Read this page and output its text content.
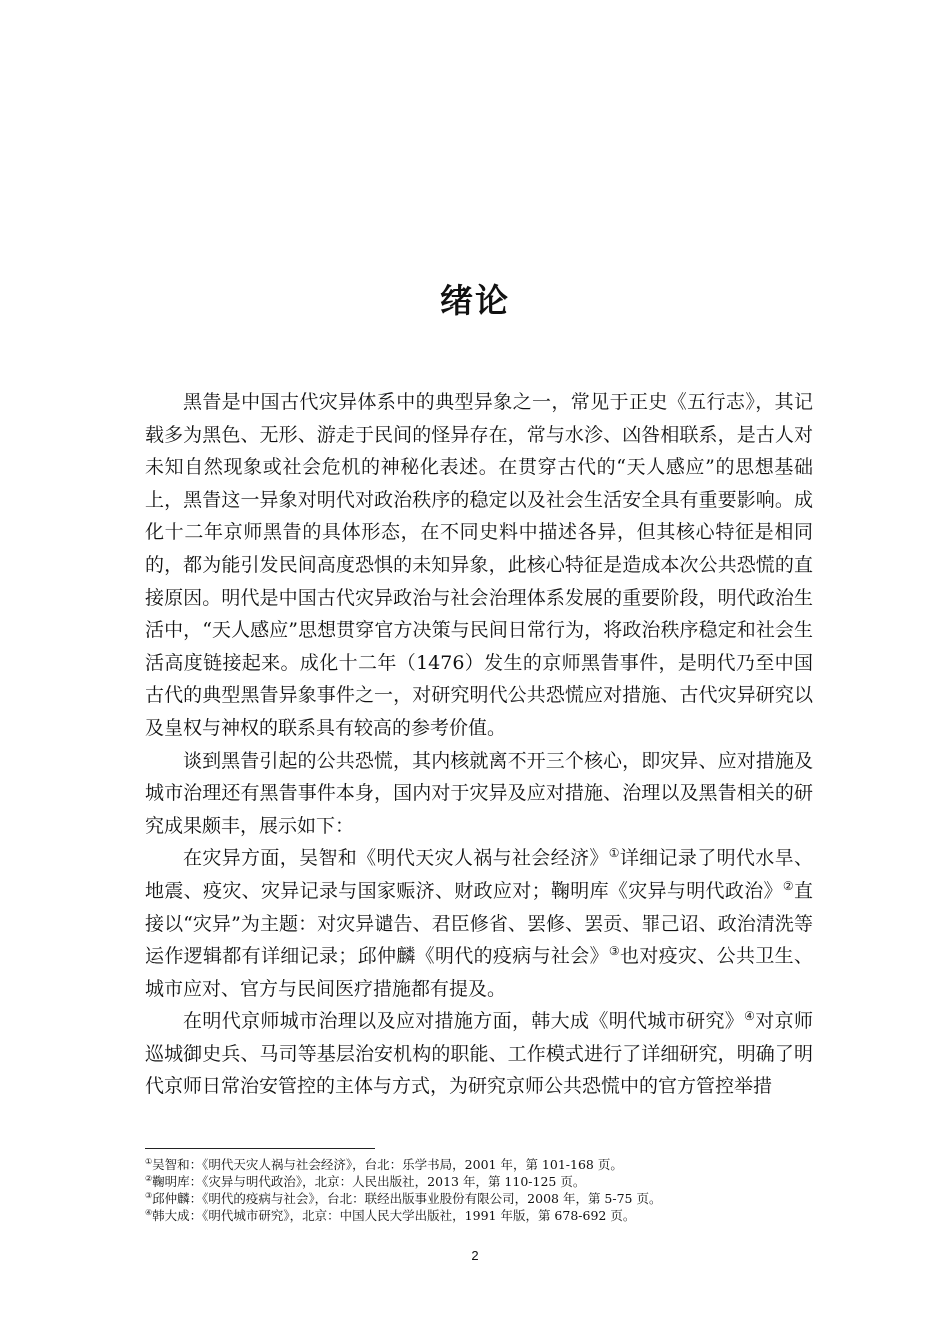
绪论

黑眚是中国古代灾异体系中的典型异象之一，常见于正史《五行志》，其记载多为黑色、无形、游走于民间的怪异存在，常与水沴、凶咎相联系，是古人对未知自然现象或社会危机的神秘化表述。在贯穿古代的“天人感应”的思想基础上，黑眚这一异象对明代对政治秩序的稳定以及社会生活安全具有重要影响。成化十二年京师黑眚的具体形态，在不同史料中描述各异，但其核心特征是相同的，都为能引发民间高度恐惧的未知异象，此核心特征是造成本次公共恐慌的直接原因。明代是中国古代灾异政治与社会治理体系发展的重要阶段，明代政治生活中，“天人感应”思想贯穿官方决策与民间日常行为，将政治秩序稳定和社会生活高度链接起来。成化十二年（1476）发生的京师黑眚事件，是明代乃至中国古代的典型黑眚异象事件之一，对研究明代公共恐慌应对措施、古代灾异研究以及皇权与神权的联系具有较高的参考价值。

谈到黑眚引起的公共恐慌，其内核就离不开三个核心，即灾异、应对措施及城市治理还有黑眚事件本身，国内对于灾异及应对措施、治理以及黑眚相关的研究成果颇丰，展示如下：

在灾异方面，吴智和《明代天灾人祸与社会经济》①详细记录了明代水旱、地震、疫灾、灾异记录与国家赈济、财政应对；鞠明库《灾异与明代政治》②直接以“灾异”为主题：对灾异谴告、君臣修省、罢修、罢贡、罪己诏、政治清洗等运作逻辑都有详细记录；邱仲麟《明代的疫病与社会》③也对疫灾、公共卫生、城市应对、官方与民间医疗措施都有提及。

在明代京师城市治理以及应对措施方面，韩大成《明代城市研究》④对京师巡城御史兵、马司等基层治安机构的职能、工作模式进行了详细研究，明确了明代京师日常治安管控的主体与方式，为研究京师公共恐慌中的官方管控举措

①吴智和：《明代天灾人祸与社会经济》，台北：乐学书局，2001 年，第 101-168 页。
②鞠明库：《灾异与明代政治》，北京：人民出版社，2013 年，第 110-125 页。
③邱仲麟：《明代的疫病与社会》，台北：联经出版事业股份有限公司，2008 年，第 5-75 页。
④韩大成：《明代城市研究》，北京：中国人民大学出版社，1991 年版，第 678-692 页。
2
